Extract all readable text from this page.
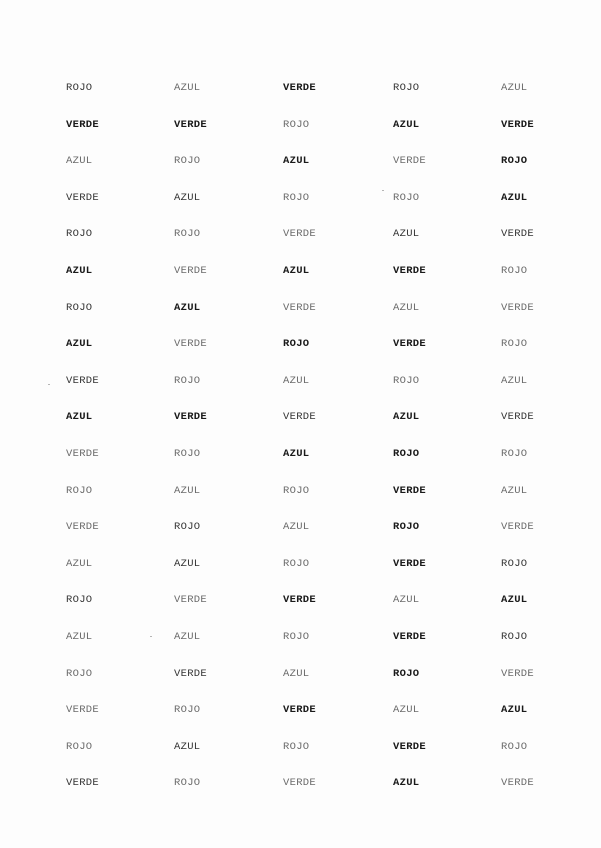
ROJO	AZUL	VERDE	ROJO	AZUL
VERDE	VERDE	ROJO	AZUL	VERDE
AZUL	ROJO	AZUL	VERDE	ROJO
VERDE	AZUL	ROJO	ROJO	AZUL
ROJO	ROJO	VERDE	AZUL	VERDE
AZUL	VERDE	AZUL	VERDE	ROJO
ROJO	AZUL	VERDE	AZUL	VERDE
AZUL	VERDE	ROJO	VERDE	ROJO
VERDE	ROJO	AZUL	ROJO	AZUL
AZUL	VERDE	VERDE	AZUL	VERDE
VERDE	ROJO	AZUL	ROJO	ROJO
ROJO	AZUL	ROJO	VERDE	AZUL
VERDE	ROJO	AZUL	ROJO	VERDE
AZUL	AZUL	ROJO	VERDE	ROJO
ROJO	VERDE	VERDE	AZUL	AZUL
AZUL	AZUL	ROJO	VERDE	ROJO
ROJO	VERDE	AZUL	ROJO	VERDE
VERDE	ROJO	VERDE	AZUL	AZUL
ROJO	AZUL	ROJO	VERDE	ROJO
VERDE	ROJO	VERDE	AZUL	VERDE
